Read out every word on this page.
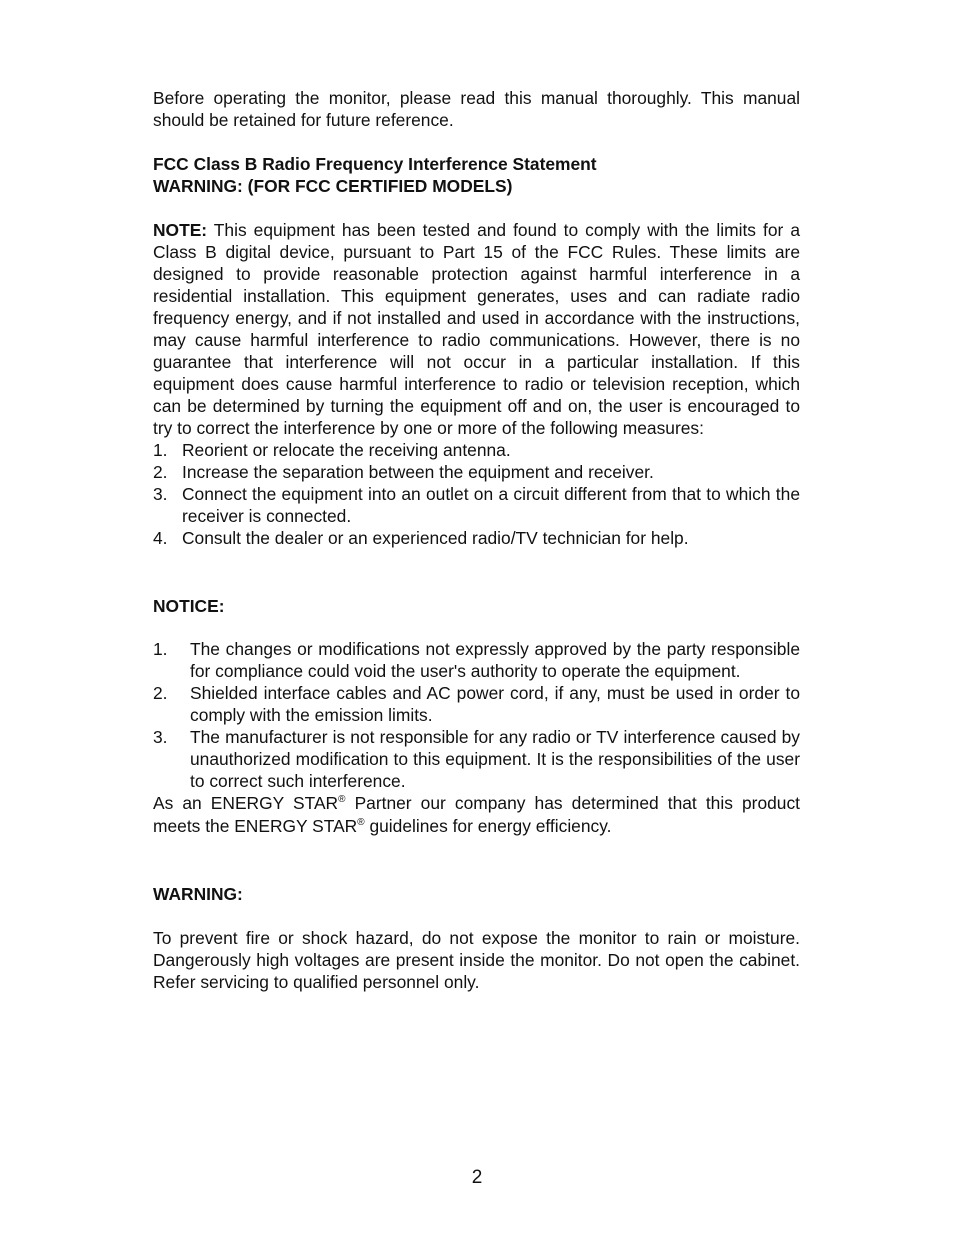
Before operating the monitor, please read this manual thoroughly. This manual should be retained for future reference.

FCC Class B Radio Frequency Interference Statement

WARNING: (FOR FCC CERTIFIED MODELS)

NOTE: This equipment has been tested and found to comply with the limits for a Class B digital device, pursuant to Part 15 of the FCC Rules. These limits are designed to provide reasonable protection against harmful interference in a residential installation. This equipment generates, uses and can radiate radio frequency energy, and if not installed and used in accordance with the instructions, may cause harmful interference to radio communications. However, there is no guarantee that interference will not occur in a particular installation. If this equipment does cause harmful interference to radio or television reception, which can be determined by turning the equipment off and on, the user is encouraged to try to correct the interference by one or more of the following measures:

1. Reorient or relocate the receiving antenna.
2. Increase the separation between the equipment and receiver.
3. Connect the equipment into an outlet on a circuit different from that to which the receiver is connected.
4. Consult the dealer or an experienced radio/TV technician for help.

NOTICE:

1.	The changes or modifications not expressly approved by the party responsible for compliance could void the user's authority to operate the equipment.
2.	Shielded interface cables and AC power cord, if any, must be used in order to comply with the emission limits.
3.	The manufacturer is not responsible for any radio or TV interference caused by unauthorized modification to this equipment. It is the responsibilities of the user to correct such interference.

As an ENERGY STAR® Partner our company has determined that this product meets the ENERGY STAR® guidelines for energy efficiency.

WARNING:

To prevent fire or shock hazard, do not expose the monitor to rain or moisture. Dangerously high voltages are present inside the monitor. Do not open the cabinet. Refer servicing to qualified personnel only.

2
